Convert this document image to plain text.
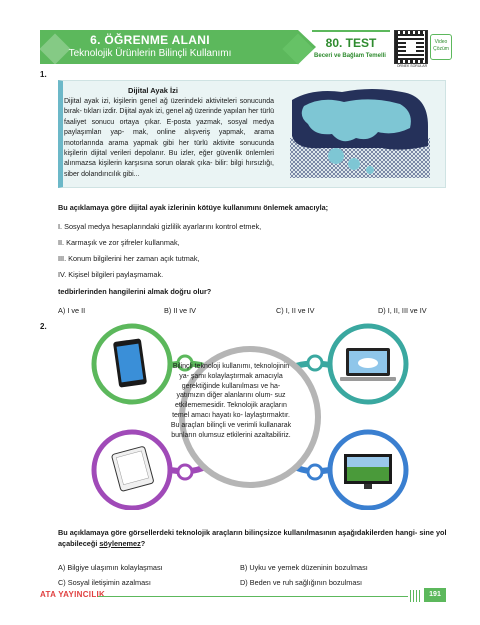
6. ÖĞRENME ALANI
Teknolojik Ürünlerin Bilinçli Kullanımı
80. TEST
Beceri ve Bağlam Temelli
ÖRNEK SORULAR
Video Çözüm
1.
Dijital Ayak İzi
Dijital ayak izi, kişilerin genel ağ üzerindeki aktiviteleri sonucunda bırak- tıkları izdir. Dijital ayak izi, genel ağ üzerinde yapılan her türlü faaliyet sonucu ortaya çıkar. E-posta yazmak, sosyal medya paylaşımları yap- mak, online alışveriş yapmak, arama motorlarında arama yapmak gibi her türlü aktivite sonucunda kişilerin dijital verileri depolanır. Bu izler, eğer güvenlik önlemleri alınmazsa kişilerin karşısına sorun olarak çıka- bilir: bilgi hırsızlığı, siber dolandırıcılık gibi...
Bu açıklamaya göre dijital ayak izlerinin kötüye kullanımını önlemek amacıyla;
I. Sosyal medya hesaplarındaki gizlilik ayarlarını kontrol etmek,
II. Karmaşık ve zor şifreler kullanmak,
III. Konum bilgilerini her zaman açık tutmak,
IV. Kişisel bilgileri paylaşmamak.
tedbirlerinden hangilerini almak doğru olur?
A) I ve II	B) II ve IV	C) I, II ve IV	D) I, II, III ve IV
2.
Bilinçli teknoloji kullanımı, teknolojinin ya- şamı kolaylaştırmak amacıyla gerektiğinde kullanılması ve ha- yatımızın diğer alanlarını olum- suz etkilememesidir. Teknolojik araçların temel amacı hayatı ko- laylaştırmaktır. Bu araçları bilinçli ve verimli kullanarak bunların olumsuz etkilerini azaltabiliriz.
Bu açıklamaya göre görsellerdeki teknolojik araçların bilinçsizce kullanılmasının aşağıdakilerden hangi- sine yol açabileceği söylenemez?
A) Bilgiye ulaşımın kolaylaşması	B) Uyku ve yemek düzeninin bozulması
C) Sosyal iletişimin azalması	D) Beden ve ruh sağlığının bozulması
ATA YAYINCILIK	191
